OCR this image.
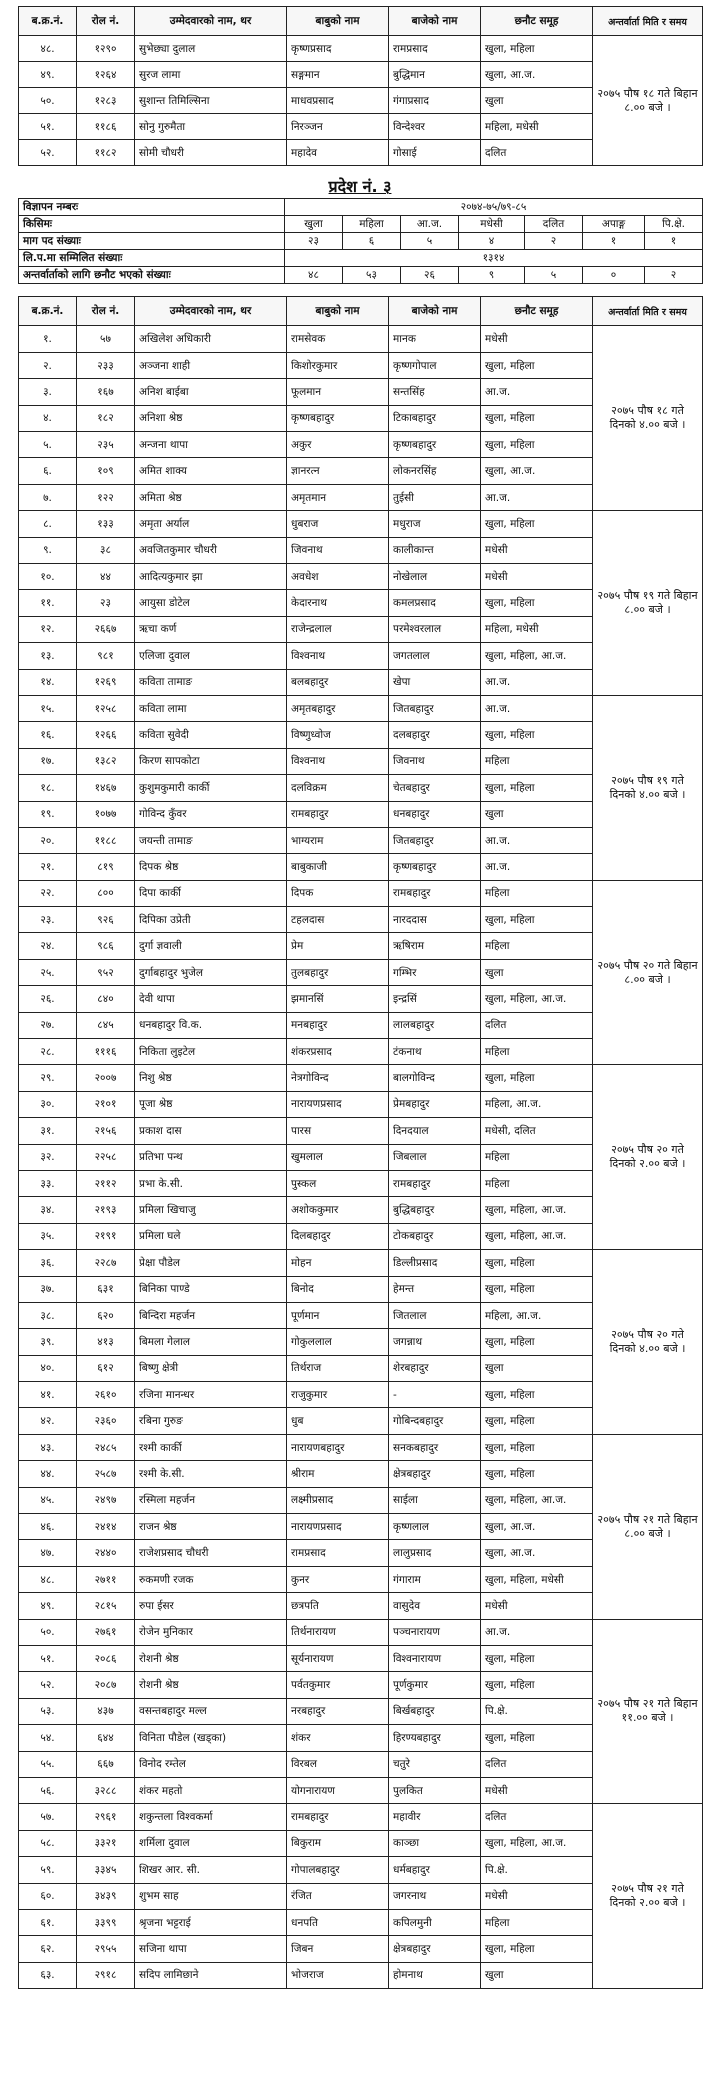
ब.क्र.नं.	रोल नं.	उम्मेदवारको नाम, थर	बाबुको नाम	बाजेको नाम	छनौट समूह	अन्तर्वार्ता मिति र समय
४८.	१२९०	सुभेछ्या दुलाल	कृष्णप्रसाद	रामप्रसाद	खुला, महिला	२०७५ पौष १८ गते बिहान ८.०० बजे ।
४९.	१२६४	सुरज लामा	सङ्गमान	बुद्धिमान	खुला, आ.ज.	
५०.	१२८३	सुशान्त तिमिल्सिना	माधवप्रसाद	गंगाप्रसाद	खुला	
५१.	११८६	सोनु गुरुमैता	निरञ्जन	विन्देश्वर	महिला, मधेसी	
५२.	११८२	सोमी चौधरी	महादेव	गोसाई	दलित	
प्रदेश नं. ३
विज्ञापन नम्बरः	२०७४-७५/७९-८५						
किसिमः	खुला	महिला	आ.ज.	मधेसी	दलित	अपाङ्ग	पि.क्षे.
माग पद संख्याः	२३	६	५	४	२	१	१
लि.प.मा सम्मिलित संख्याः	१३१४						
अन्तर्वार्ताको लागि छनौट भएको संख्याः	४८	५३	२६	९	५	०	२
ब.क्र.नं.	रोल नं.	उम्मेदवारको नाम, थर	बाबुको नाम	बाजेको नाम	छनौट समूह	अन्तर्वार्ता मिति र समय
१.	५७	अखिलेश अधिकारी	रामसेवक	मानक	मधेसी	२०७५ पौष १८ गते दिनको ४.०० बजे ।
२.	२३३	अञ्जना शाही	किशोरकुमार	कृष्णगोपाल	खुला, महिला	
३.	१६७	अनिश बाईबा	फूलमान	सन्तसिंह	आ.ज.	
४.	१८२	अनिशा श्रेष्ठ	कृष्णबहादुर	टिकाबहादुर	खुला, महिला	
५.	२३५	अन्जना थापा	अकुर	कृष्णबहादुर	खुला, महिला	
६.	१०९	अमित शाक्य	ज्ञानरत्न	लोकनरसिंह	खुला, आ.ज.	
७.	१२२	अमिता श्रेष्ठ	अमृतमान	तुईसी	आ.ज.	
८.	१३३	अमृता अर्याल	धुबराज	मधुराज	खुला, महिला	२०७५ पौष १९ गते बिहान ८.०० बजे ।
९.	३८	अवजितकुमार चौधरी	जिवनाथ	कालीकान्त	मधेसी	
१०.	४४	आदित्यकुमार झा	अवधेश	नोखेलाल	मधेसी	
११.	२३	आयुसा डोटेल	केदारनाथ	कमलप्रसाद	खुला, महिला	
१२.	२६६७	ऋचा कर्ण	राजेन्द्रलाल	परमेश्वरलाल	महिला, मधेसी	
१३.	९८१	एलिजा दुवाल	विश्वनाथ	जगतलाल	खुला, महिला, आ.ज.	
१४.	१२६९	कविता तामाङ	बलबहादुर	खेपा	आ.ज.	
१५.	१२५८	कविता लामा	अमृतबहादुर	जितबहादुर	आ.ज.	२०७५ पौष १९ गते दिनको ४.०० बजे ।
१६.	१२६६	कविता सुवेदी	विष्णुध्वोज	दलबहादुर	खुला, महिला	
१७.	१३८२	किरण सापकोटा	विश्वनाथ	जिवनाथ	महिला	
१८.	१४६७	कुशुमकुमारी कार्की	दलविक्रम	चेतबहादुर	खुला, महिला	
१९.	१०७७	गोविन्द कुँवर	रामबहादुर	धनबहादुर	खुला	
२०.	११८८	जयन्ती तामाङ	भाग्यराम	जितबहादुर	आ.ज.	
२१.	८१९	दिपक श्रेष्ठ	बाबुकाजी	कृष्णबहादुर	आ.ज.	
२२.	८००	दिपा कार्की	दिपक	रामबहादुर	महिला	२०७५ पौष २० गते बिहान ८.०० बजे ।
२३.	९२६	दिपिका उप्रेती	टहलदास	नारददास	खुला, महिला	
२४.	९८६	दुर्गा ज्ञवाली	प्रेम	ऋषिराम	महिला	
२५.	९५२	दुर्गाबहादुर भुजेल	तुलबहादुर	गम्भिर	खुला	
२६.	८४०	देवी थापा	झमानसिं	इन्द्रसिं	खुला, महिला, आ.ज.	
२७.	८४५	धनबहादुर वि.क.	मनबहादुर	लालबहादुर	दलित	
२८.	१११६	निकिता लुइटेल	शंकरप्रसाद	टंकनाथ	महिला	
२९.	२००७	निशु श्रेष्ठ	नेत्रगोविन्द	बालगोविन्द	खुला, महिला	२०७५ पौष २० गते दिनको २.०० बजे ।
३०.	२१०१	पूजा श्रेष्ठ	नारायणप्रसाद	प्रेमबहादुर	महिला, आ.ज.	
३१.	२१५६	प्रकाश दास	पारस	दिनदयाल	मधेसी, दलित	
३२.	२२५८	प्रतिभा पन्थ	खुमलाल	जिबलाल	महिला	
३३.	२११२	प्रभा के.सी.	पुस्कल	रामबहादुर	महिला	
३४.	२१९३	प्रमिला खिचाजु	अशोककुमार	बुद्धिबहादुर	खुला, महिला, आ.ज.	
३५.	२१९१	प्रमिला घले	दिलबहादुर	टोकबहादुर	खुला, महिला, आ.ज.	
३६.	२२८७	प्रेक्षा पौडेल	मोहन	डिल्लीप्रसाद	खुला, महिला	२०७५ पौष २० गते दिनको ४.०० बजे ।
३७.	६३१	बिनिका पाण्डे	बिनोद	हेमन्त	खुला, महिला	
३८.	६२०	बिन्दिरा महर्जन	पूर्णमान	जितलाल	महिला, आ.ज.	
३९.	४१३	बिमला गेलाल	गोकुललाल	जगन्नाथ	खुला, महिला	
४०.	६१२	बिष्णु क्षेत्री	तिर्थराज	शेरबहादुर	खुला	
४१.	२६१०	रजिना मानन्धर	राजुकुमार	-	खुला, महिला	
४२.	२३६०	रबिना गुरुङ	धुब	गोबिन्दबहादुर	खुला, महिला	
४३.	२४८५	रश्मी कार्की	नारायणबहादुर	सनकबहादुर	खुला, महिला	२०७५ पौष २१ गते बिहान ८.०० बजे ।
४४.	२५८७	रश्मी के.सी.	श्रीराम	क्षेत्रबहादुर	खुला, महिला	
४५.	२४९७	रस्मिला महर्जन	लक्ष्मीप्रसाद	साईला	खुला, महिला, आ.ज.	
४६.	२४१४	राजन श्रेष्ठ	नारायणप्रसाद	कृष्णलाल	खुला, आ.ज.	
४७.	२४४०	राजेशप्रसाद चौधरी	रामप्रसाद	लालुप्रसाद	खुला, आ.ज.	
४८.	२७११	रुकमणी रजक	कुनर	गंगाराम	खुला, महिला, मधेसी	
४९.	२८१५	रुपा ईसर	छत्रपति	वासुदेव	मधेसी	
५०.	२७६१	रोजेन मुनिकार	तिर्थनारायण	पञ्चनारायण	आ.ज.	२०७५ पौष २१ गते बिहान ११.०० बजे ।
५१.	२०८६	रोशनी श्रेष्ठ	सूर्यनारायण	विश्वनारायण	खुला, महिला	
५२.	२०८७	रोशनी श्रेष्ठ	पर्वतकुमार	पूर्णकुमार	खुला, महिला	
५३.	४३७	वसन्तबहादुर मल्ल	नरबहादुर	बिर्खबहादुर	पि.क्षे.	
५४.	६४४	विनिता पौडेल (खड्का)	शंकर	हिरण्यबहादुर	खुला, महिला	
५५.	६६७	विनोद रम्तेल	विरबल	चतुरे	दलित	
५६.	३२८८	शंकर महतो	योगनारायण	पुलकित	मधेसी	
५७.	२९६१	शकुन्तला विश्वकर्मा	रामबहादुर	महावीर	दलित	२०७५ पौष २१ गते दिनको २.०० बजे ।
५८.	३३२१	शर्मिला दुवाल	बिकुराम	काञ्छा	खुला, महिला, आ.ज.	
५९.	३३४५	शिखर आर. सी.	गोपालबहादुर	धर्मबहादुर	पि.क्षे.	
६०.	३४३९	शुभम साह	रंजित	जगरनाथ	मधेसी	
६१.	३३९९	श्रृजना भट्टराई	धनपति	कपिलमुनी	महिला	
६२.	२९५५	सजिना थापा	जिबन	क्षेत्रबहादुर	खुला, महिला	
६३.	२९१८	सदिप लामिछाने	भोजराज	होमनाथ	खुला	
